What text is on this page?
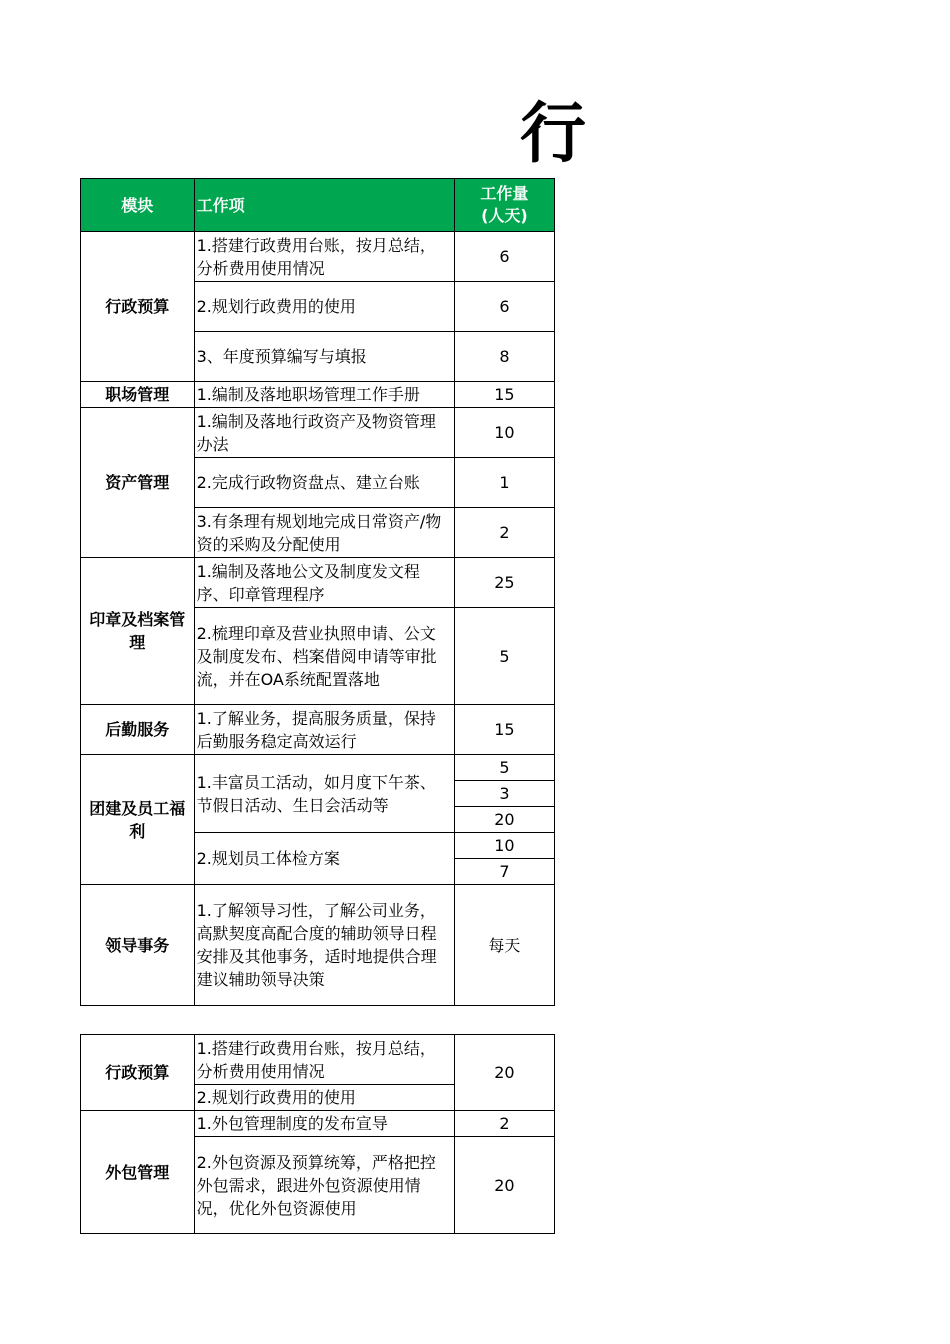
行
模块	工作项	工作量
(人天)
行政预算	1.搭建行政费用台账，按月总结，分析费用使用情况	6
	2.规划行政费用的使用	6
	3、年度预算编写与填报	8
职场管理	1.编制及落地职场管理工作手册	15
资产管理	1.编制及落地行政资产及物资管理办法	10
	2.完成行政物资盘点、建立台账	1
	3.有条理有规划地完成日常资产/物资的采购及分配使用	2
印章及档案管理	1.编制及落地公文及制度发文程序、印章管理程序	25
	2.梳理印章及营业执照申请、公文及制度发布、档案借阅申请等审批流，并在OA系统配置落地	5
后勤服务	1.了解业务，提高服务质量，保持后勤服务稳定高效运行	15
团建及员工福利	1.丰富员工活动，如月度下午茶、节假日活动、生日会活动等	5
		3
		20
	2.规划员工体检方案	10
		7
领导事务	1.了解领导习性，了解公司业务，高默契度高配合度的辅助领导日程安排及其他事务，适时地提供合理建议辅助领导决策	每天
行政预算	1.搭建行政费用台账，按月总结，分析费用使用情况	20
	2.规划行政费用的使用	
外包管理	1.外包管理制度的发布宣导	2
	2.外包资源及预算统筹，严格把控外包需求，跟进外包资源使用情况，优化外包资源使用	20
